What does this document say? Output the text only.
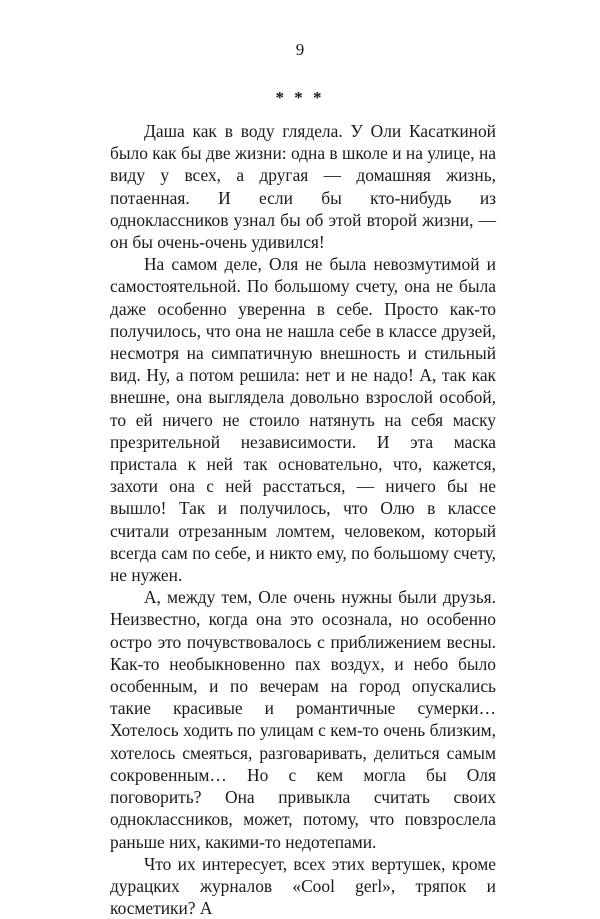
9
* * *

Даша как в воду глядела. У Оли Касаткиной было как бы две жизни: одна в школе и на улице, на виду у всех, а другая — домашняя жизнь, потаенная. И если бы кто-нибудь из одноклассников узнал бы об этой второй жизни, — он бы очень-очень удивился!

На самом деле, Оля не была невозмутимой и самостоятельной. По большому счету, она не была даже особенно уверенна в себе. Просто как-то получилось, что она не нашла себе в классе друзей, несмотря на симпатичную внешность и стильный вид. Ну, а потом решила: нет и не надо! А, так как внешне, она выглядела довольно взрослой особой, то ей ничего не стоило натянуть на себя маску презрительной независимости. И эта маска пристала к ней так основательно, что, кажется, захоти она с ней расстаться, — ничего бы не вышло! Так и получилось, что Олю в классе считали отрезанным ломтем, человеком, который всегда сам по себе, и никто ему, по большому счету, не нужен.

А, между тем, Оле очень нужны были друзья. Неизвестно, когда она это осознала, но особенно остро это почувствовалось с приближением весны. Как-то необыкновенно пах воздух, и небо было особенным, и по вечерам на город опускались такие красивые и романтичные сумерки… Хотелось ходить по улицам с кем-то очень близким, хотелось смеяться, разговаривать, делиться самым сокровенным… Но с кем могла бы Оля поговорить? Она привыкла считать своих одноклассников, может, потому, что повзрослела раньше них, какими-то недотепами.

Что их интересует, всех этих вертушек, кроме дурацких журналов «Cool gerl», тряпок и косметики? А
